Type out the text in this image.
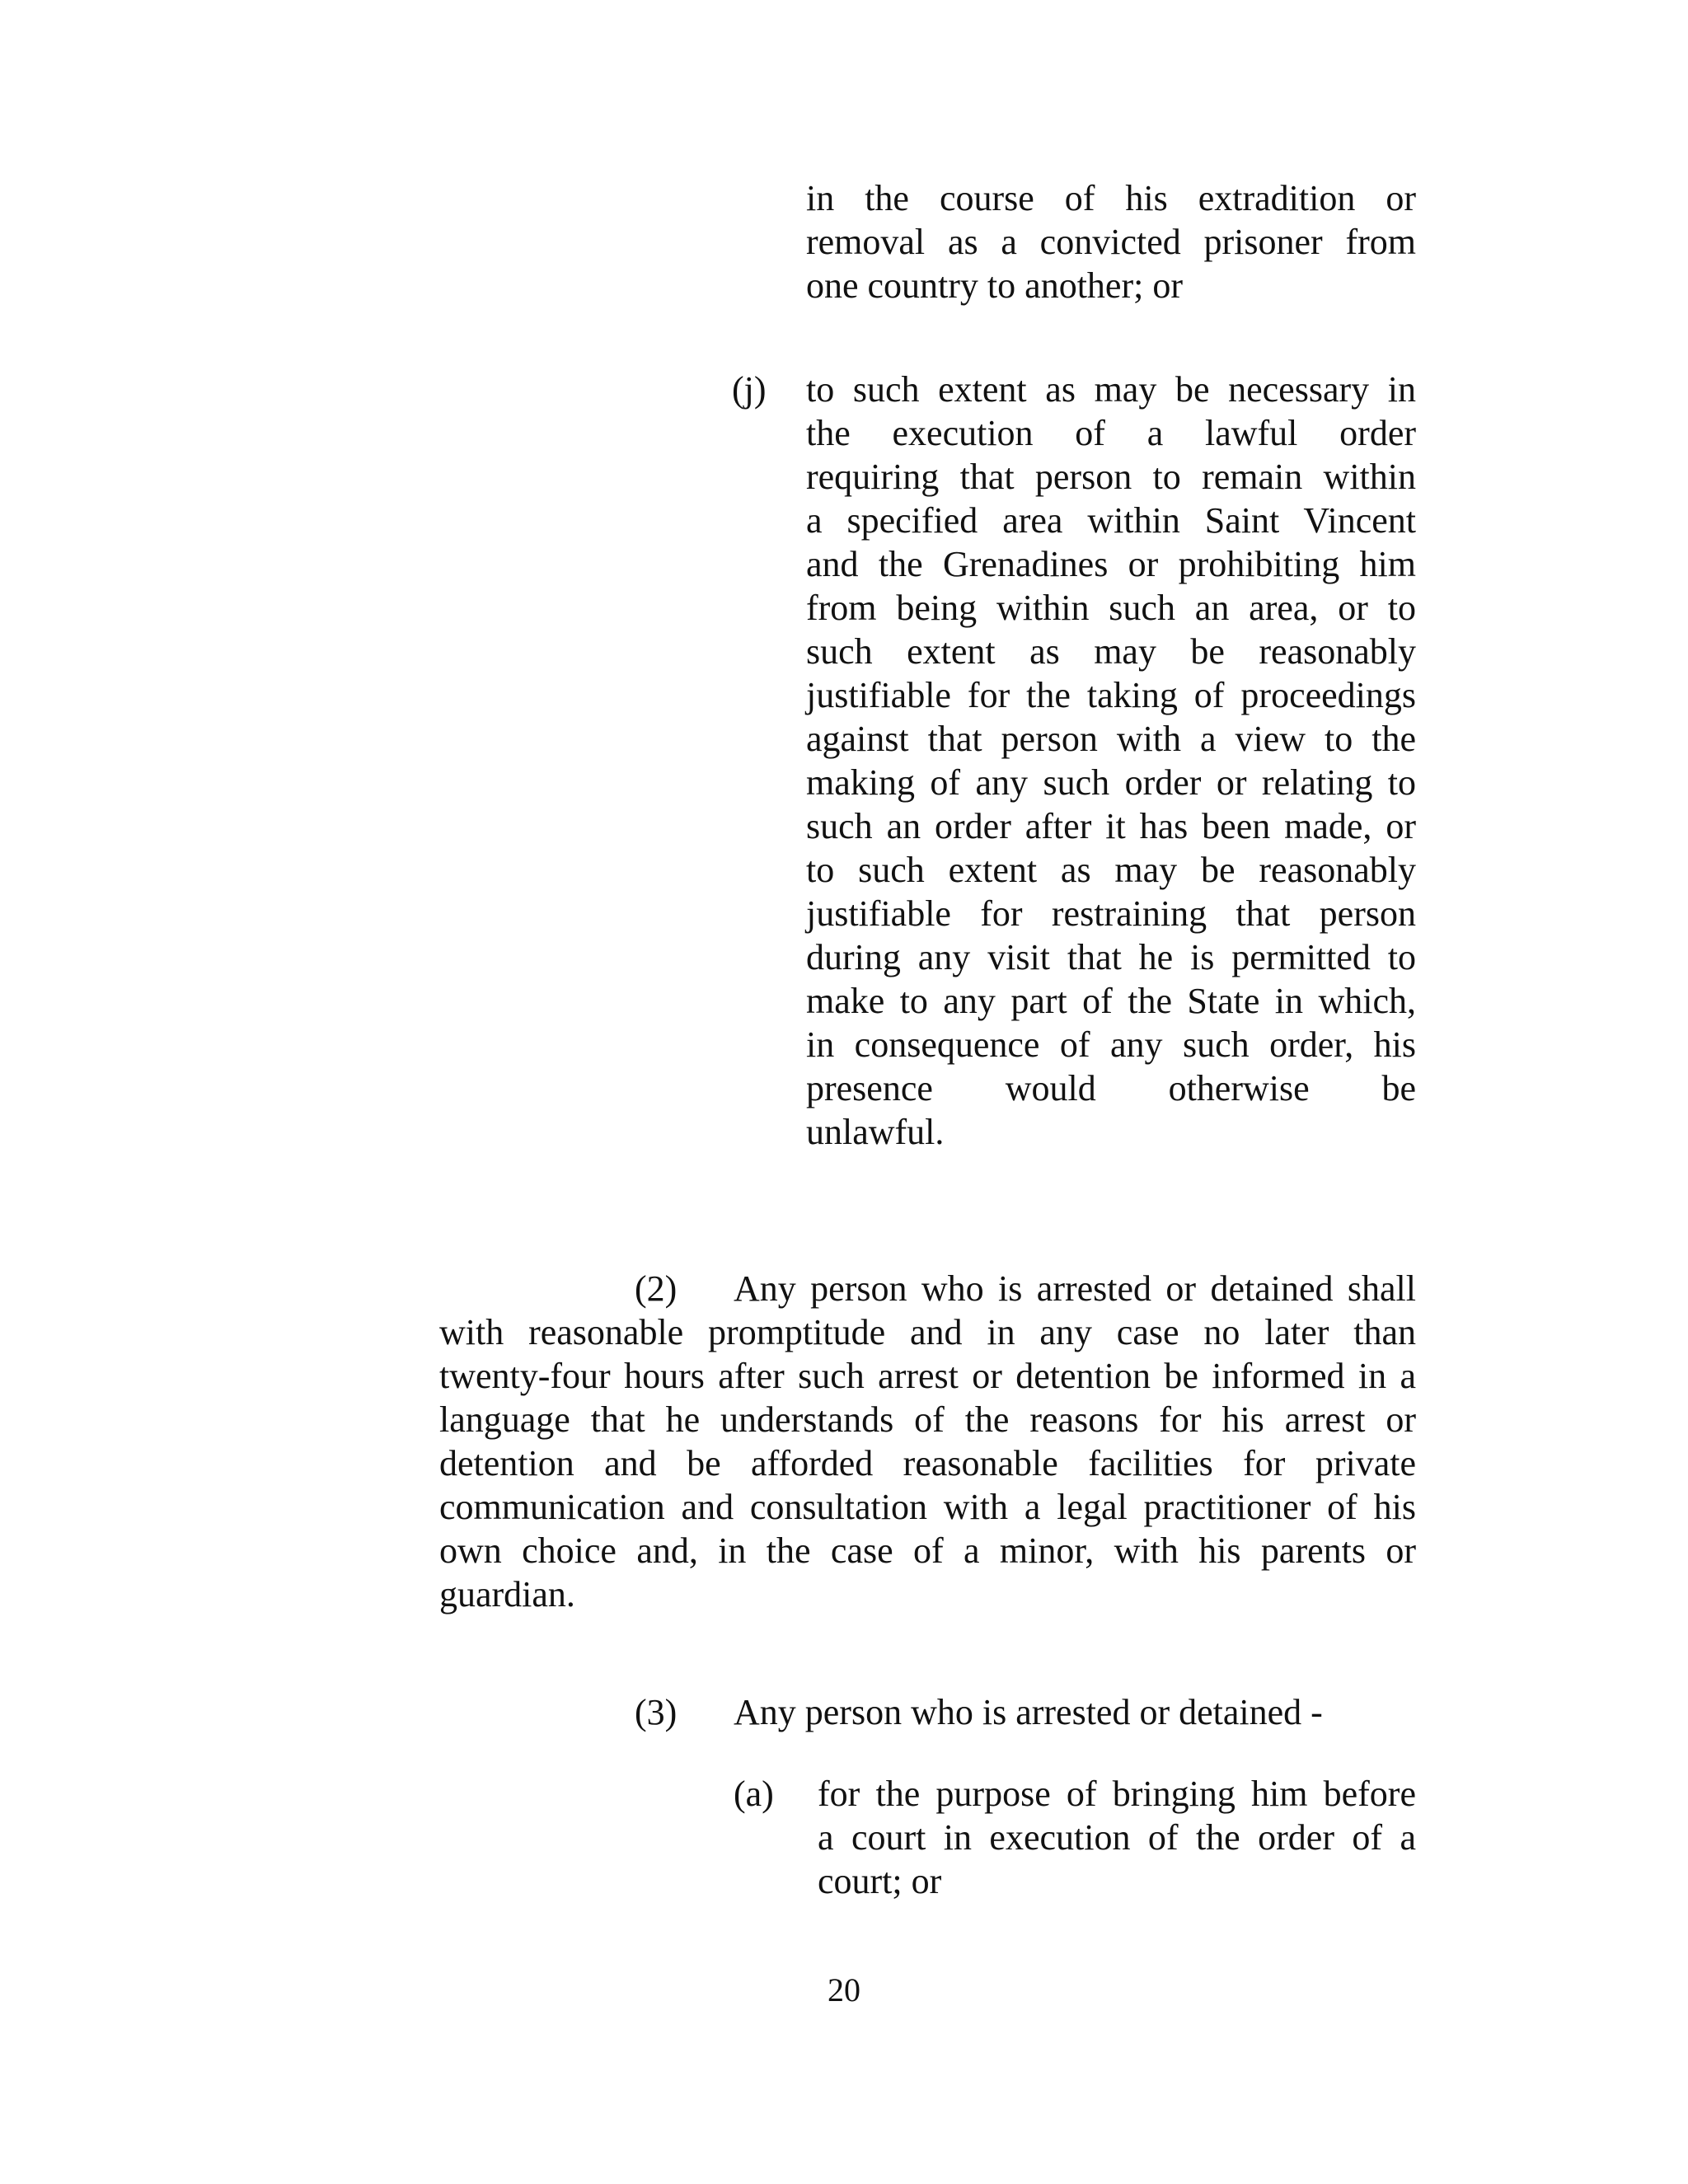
in the course of his extradition or
removal as a convicted prisoner from
one country to another; or
(j) to such extent as may be necessary in
the execution of a lawful order
requiring that person to remain within
a specified area within Saint Vincent
and the Grenadines or prohibiting him
from being within such an area, or to
such extent as may be reasonably
justifiable for the taking of proceedings
against that person with a view to the
making of any such order or relating to
such an order after it has been made, or
to such extent as may be reasonably
justifiable for restraining that person
during any visit that he is permitted to
make to any part of the State in which,
in consequence of any such order, his
presence would otherwise be
unlawful.
(2) Any person who is arrested or detained shall
with reasonable promptitude and in any case no later than
twenty-four hours after such arrest or detention be informed in a
language that he understands of the reasons for his arrest or
detention and be afforded reasonable facilities for private
communication and consultation with a legal practitioner of his
own choice and, in the case of a minor, with his parents or
guardian.
(3) Any person who is arrested or detained -
(a) for the purpose of bringing him before
a court in execution of the order of a
court; or
20
